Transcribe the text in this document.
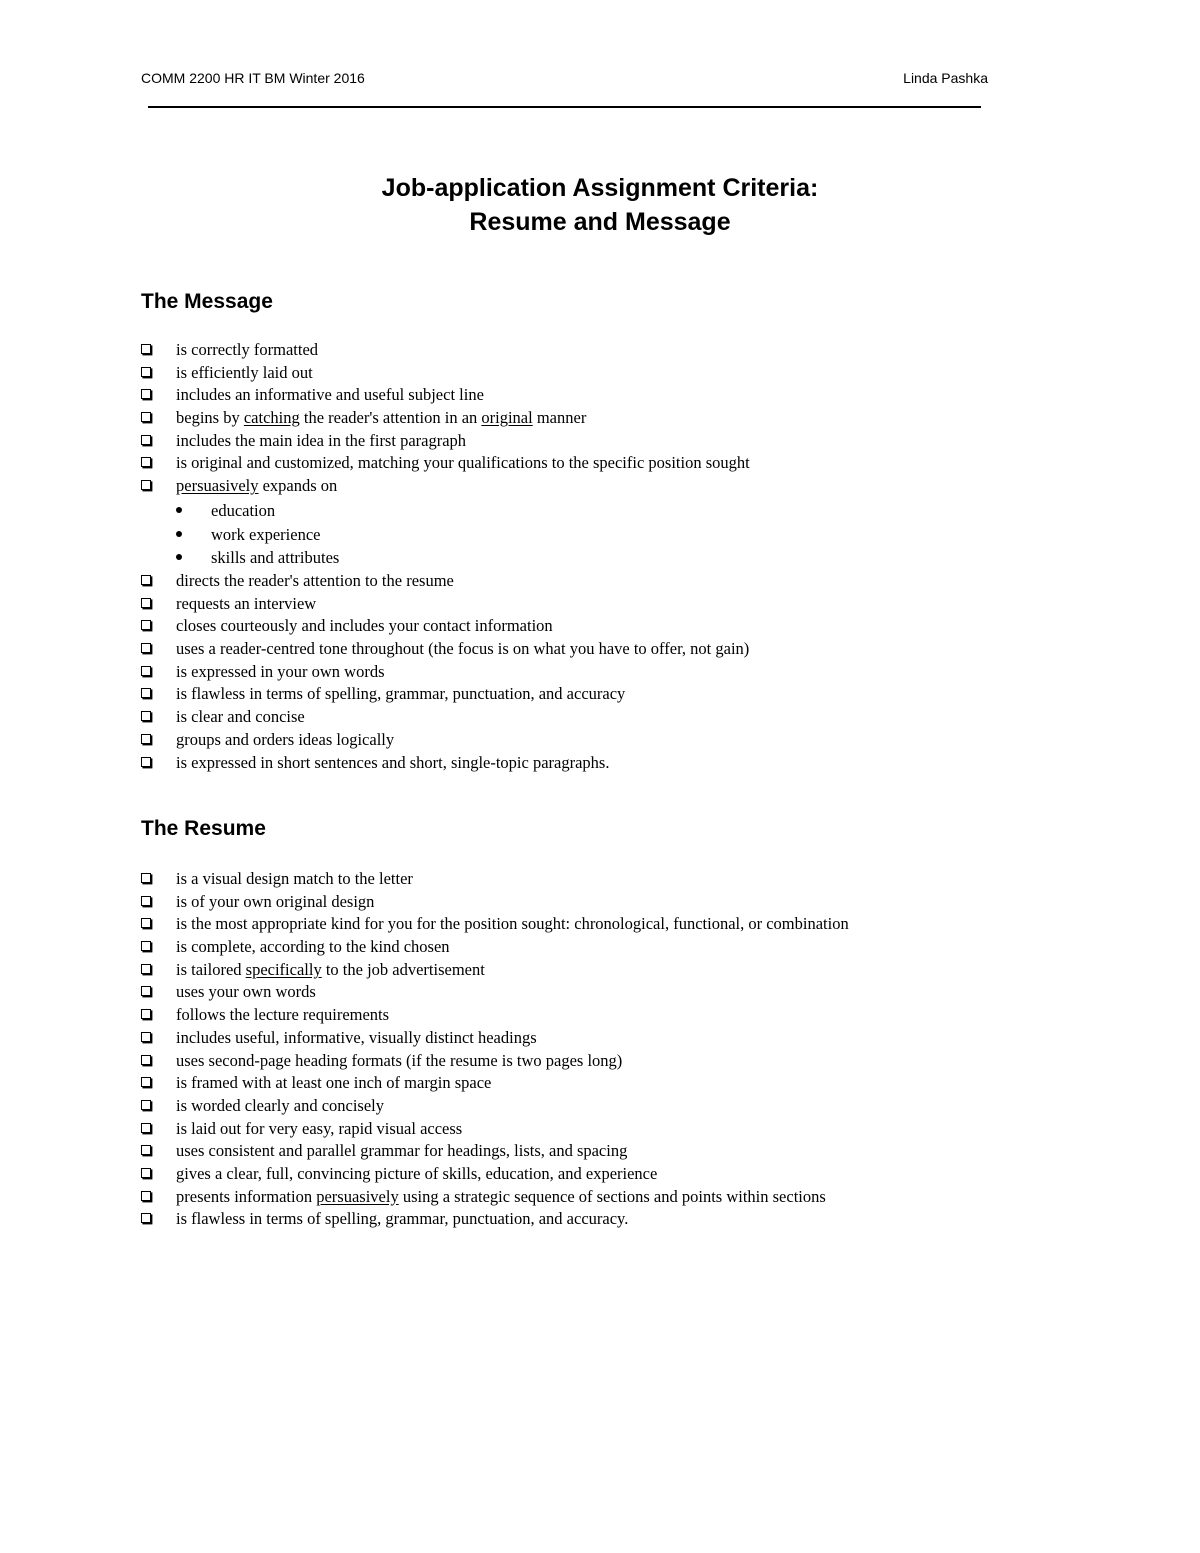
COMM 2200 HR IT BM Winter 2016	Linda Pashka
Job-application Assignment Criteria:
Resume and Message
The Message
is correctly formatted
is efficiently laid out
includes an informative and useful subject line
begins by catching the reader's attention in an original manner
includes the main idea in the first paragraph
is original and customized, matching your qualifications to the specific position sought
persuasively expands on
education
work experience
skills and attributes
directs the reader's attention to the resume
requests an interview
closes courteously and includes your contact information
uses a reader-centred tone throughout (the focus is on what you have to offer, not gain)
is expressed in your own words
is flawless in terms of spelling, grammar, punctuation, and accuracy
is clear and concise
groups and orders ideas logically
is expressed in short sentences and short, single-topic paragraphs.
The Resume
is a visual design match to the letter
is of your own original design
is the most appropriate kind for you for the position sought: chronological, functional, or combination
is complete, according to the kind chosen
is tailored specifically to the job advertisement
uses your own words
follows the lecture requirements
includes useful, informative, visually distinct headings
uses second-page heading formats (if the resume is two pages long)
is framed with at least one inch of margin space
is worded clearly and concisely
is laid out for very easy, rapid visual access
uses consistent and parallel grammar for headings, lists, and spacing
gives a clear, full, convincing picture of skills, education, and experience
presents information persuasively using a strategic sequence of sections and points within sections
is flawless in terms of spelling, grammar, punctuation, and accuracy.
